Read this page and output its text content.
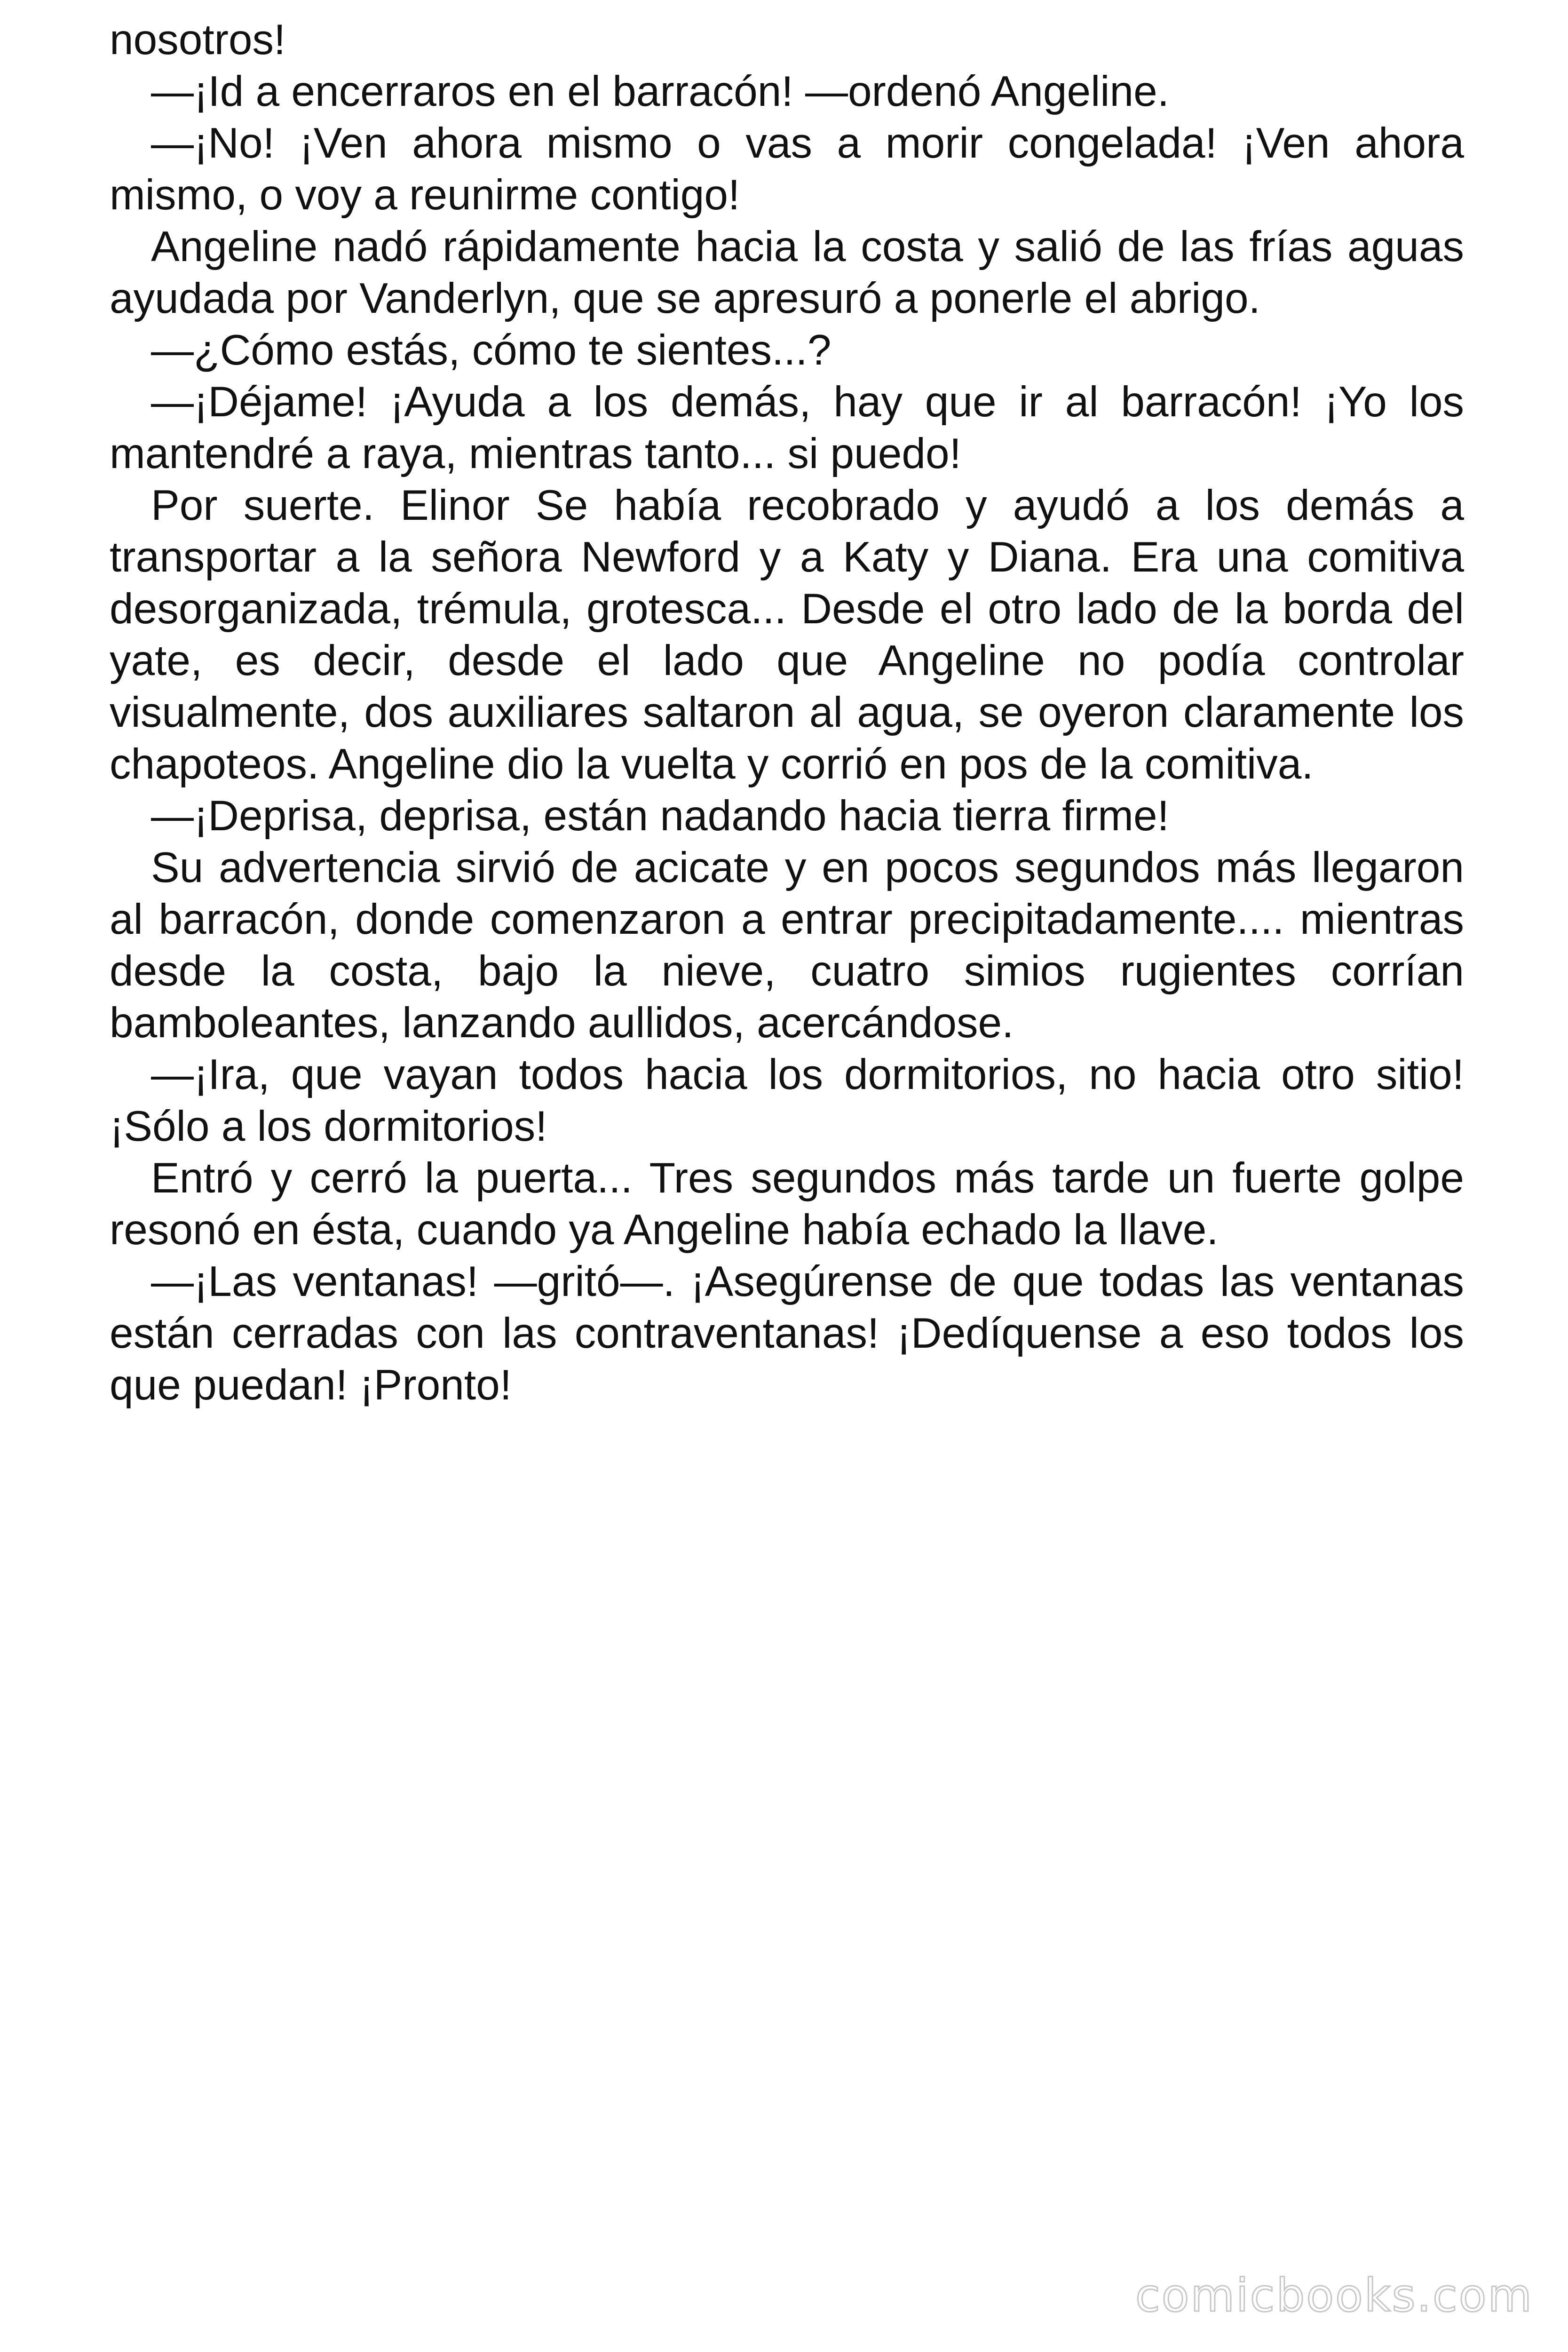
nosotros!

—¡Id a encerraros en el barracón! —ordenó Angeline.

—¡No! ¡Ven ahora mismo o vas a morir congelada! ¡Ven ahora mismo, o voy a reunirme contigo!

Angeline nadó rápidamente hacia la costa y salió de las frías aguas ayudada por Vanderlyn, que se apresuró a ponerle el abrigo.

—¿Cómo estás, cómo te sientes...?

—¡Déjame! ¡Ayuda a los demás, hay que ir al barracón! ¡Yo los mantendré a raya, mientras tanto... si puedo!

Por suerte. Elinor Se había recobrado y ayudó a los demás a transportar a la señora Newford y a Katy y Diana. Era una comitiva desorganizada, trémula, grotesca... Desde el otro lado de la borda del yate, es decir, desde el lado que Angeline no podía controlar visualmente, dos auxiliares saltaron al agua, se oyeron claramente los chapoteos. Angeline dio la vuelta y corrió en pos de la comitiva.

—¡Deprisa, deprisa, están nadando hacia tierra firme!

Su advertencia sirvió de acicate y en pocos segundos más llegaron al barracón, donde comenzaron a entrar precipitadamente.... mientras desde la costa, bajo la nieve, cuatro simios rugientes corrían bamboleantes, lanzando aullidos, acercándose.

—¡Ira, que vayan todos hacia los dormitorios, no hacia otro sitio! ¡Sólo a los dormitorios!

Entró y cerró la puerta... Tres segundos más tarde un fuerte golpe resonó en ésta, cuando ya Angeline había echado la llave.

—¡Las ventanas! —gritó—. ¡Asegúrense de que todas las ventanas están cerradas con las contraventanas! ¡Dedíquense a eso todos los que puedan! ¡Pronto!

comicbooks.com
